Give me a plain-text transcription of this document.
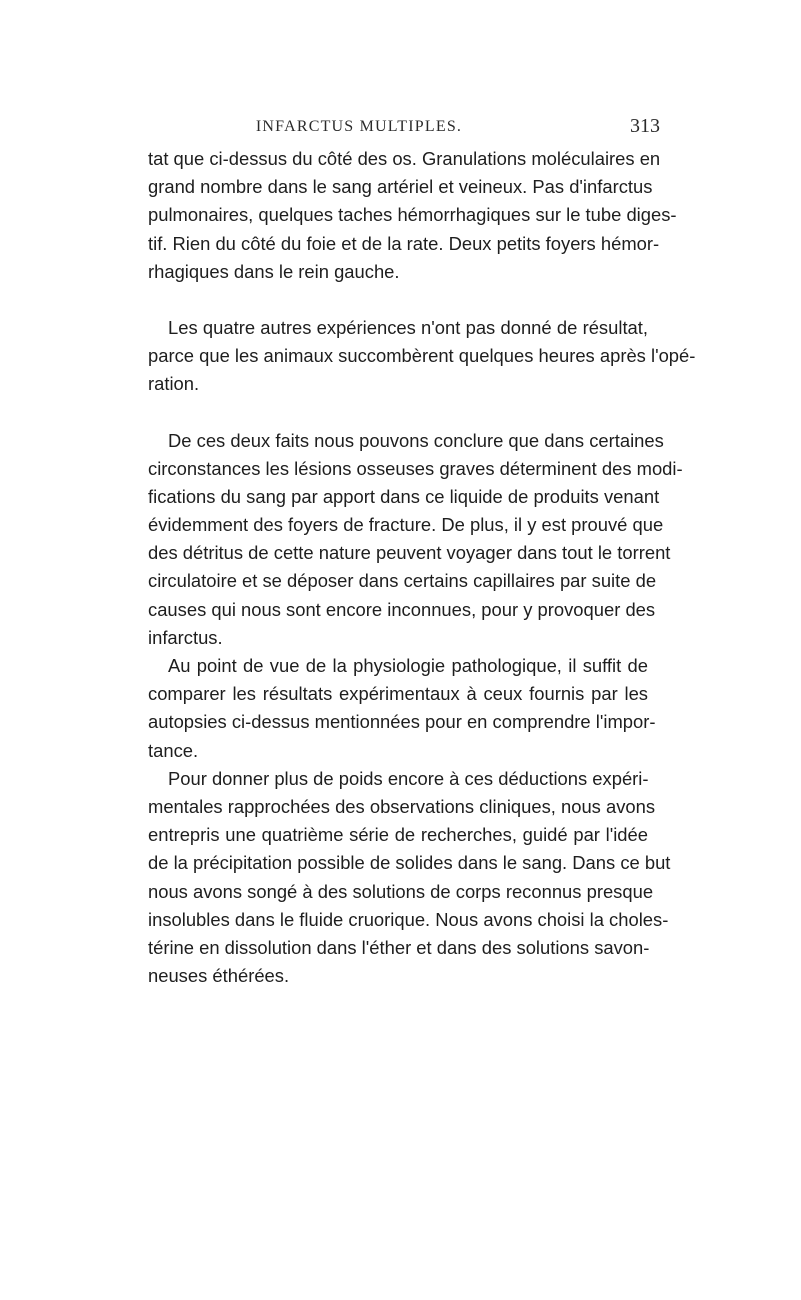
INFARCTUS MULTIPLES.	313
tat que ci-dessus du côté des os. Granulations moléculaires en
grand nombre dans le sang artériel et veineux. Pas d'infarctus
pulmonaires, quelques taches hémorrhagiques sur le tube diges-
tif. Rien du côté du foie et de la rate. Deux petits foyers hémor-
rhagiques dans le rein gauche.
Les quatre autres expériences n'ont pas donné de résultat,
parce que les animaux succombèrent quelques heures après l'opé-
ration.
De ces deux faits nous pouvons conclure que dans certaines
circonstances les lésions osseuses graves déterminent des modi-
fications du sang par apport dans ce liquide de produits venant
évidemment des foyers de fracture. De plus, il y est prouvé que
des détritus de cette nature peuvent voyager dans tout le torrent
circulatoire et se déposer dans certains capillaires par suite de
causes qui nous sont encore inconnues, pour y provoquer des
infarctus.
Au point de vue de la physiologie pathologique, il suffit de
comparer les résultats expérimentaux à ceux fournis par les
autopsies ci-dessus mentionnées pour en comprendre l'impor-
tance.
Pour donner plus de poids encore à ces déductions expéri-
mentales rapprochées des observations cliniques, nous avons
entrepris une quatrième série de recherches, guidé par l'idée
de la précipitation possible de solides dans le sang. Dans ce but
nous avons songé à des solutions de corps reconnus presque
insolubles dans le fluide cruorique. Nous avons choisi la choles-
térine en dissolution dans l'éther et dans des solutions savon-
neuses éthérées.
